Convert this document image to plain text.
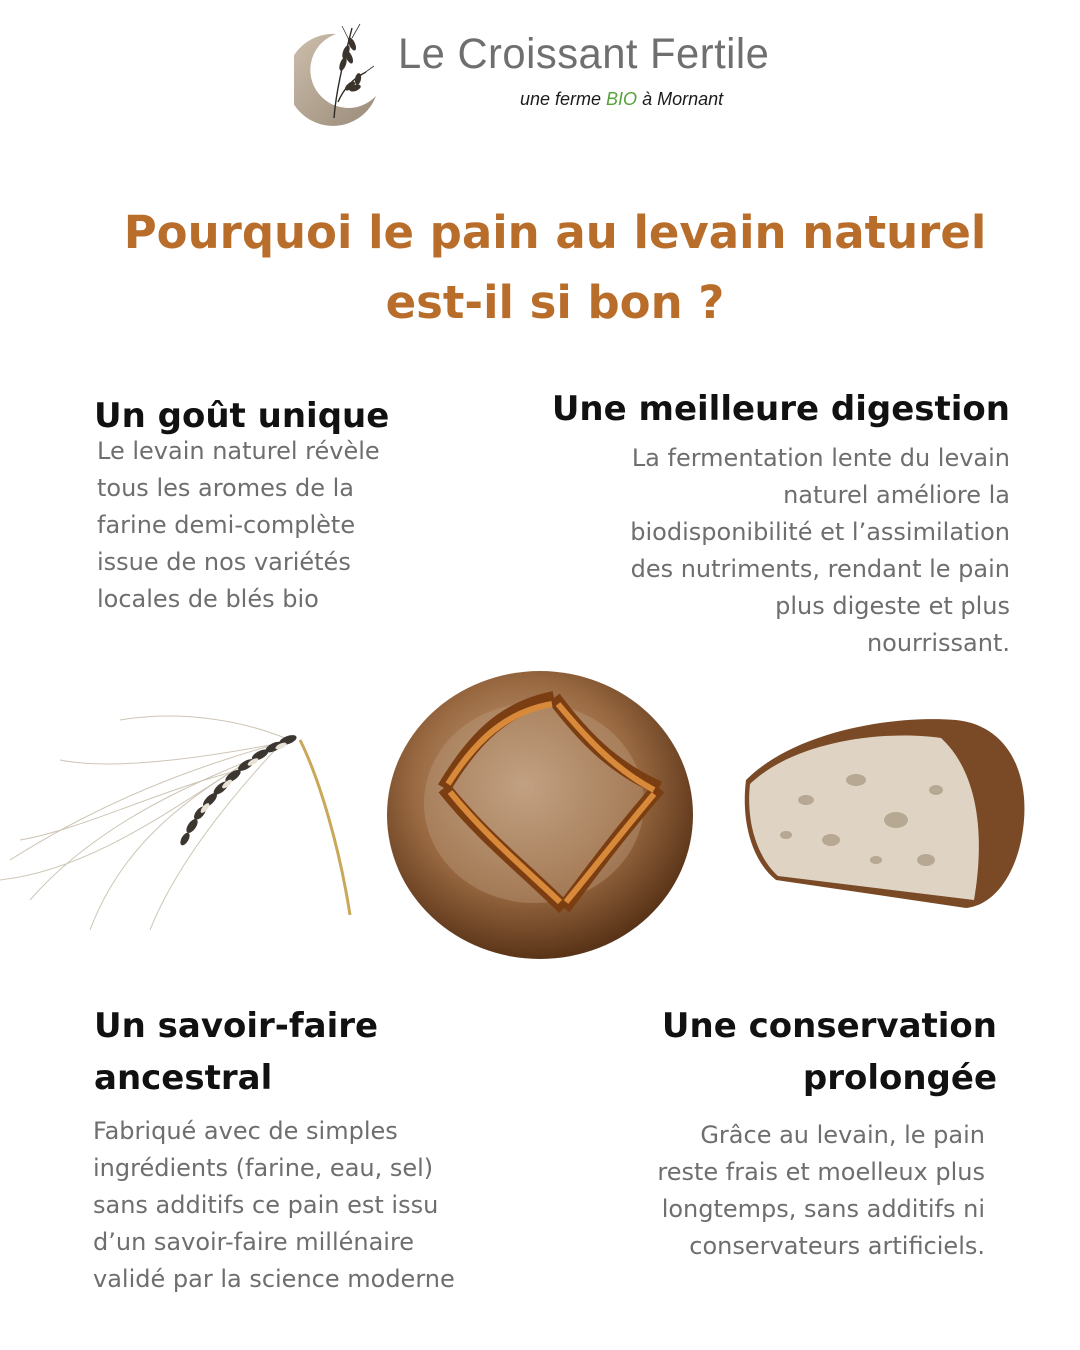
Le Croissant Fertile
une ferme BIO à Mornant
Pourquoi le pain au levain naturel
est-il si bon ?
Un goût unique
Le levain naturel révèle
tous les aromes de la
farine demi-complète
issue de nos variétés
locales de blés bio
Une meilleure digestion
La fermentation lente du levain
naturel améliore la
biodisponibilité et l’assimilation
des nutriments, rendant le pain
plus digeste et plus
nourrissant.
Un savoir-faire
ancestral
Fabriqué avec de simples
ingrédients (farine, eau, sel)
sans additifs ce pain est issu
d’un savoir-faire millénaire
validé par la science moderne
Une conservation
prolongée
Grâce au levain, le pain
reste frais et moelleux plus
longtemps, sans additifs ni
conservateurs artificiels.
